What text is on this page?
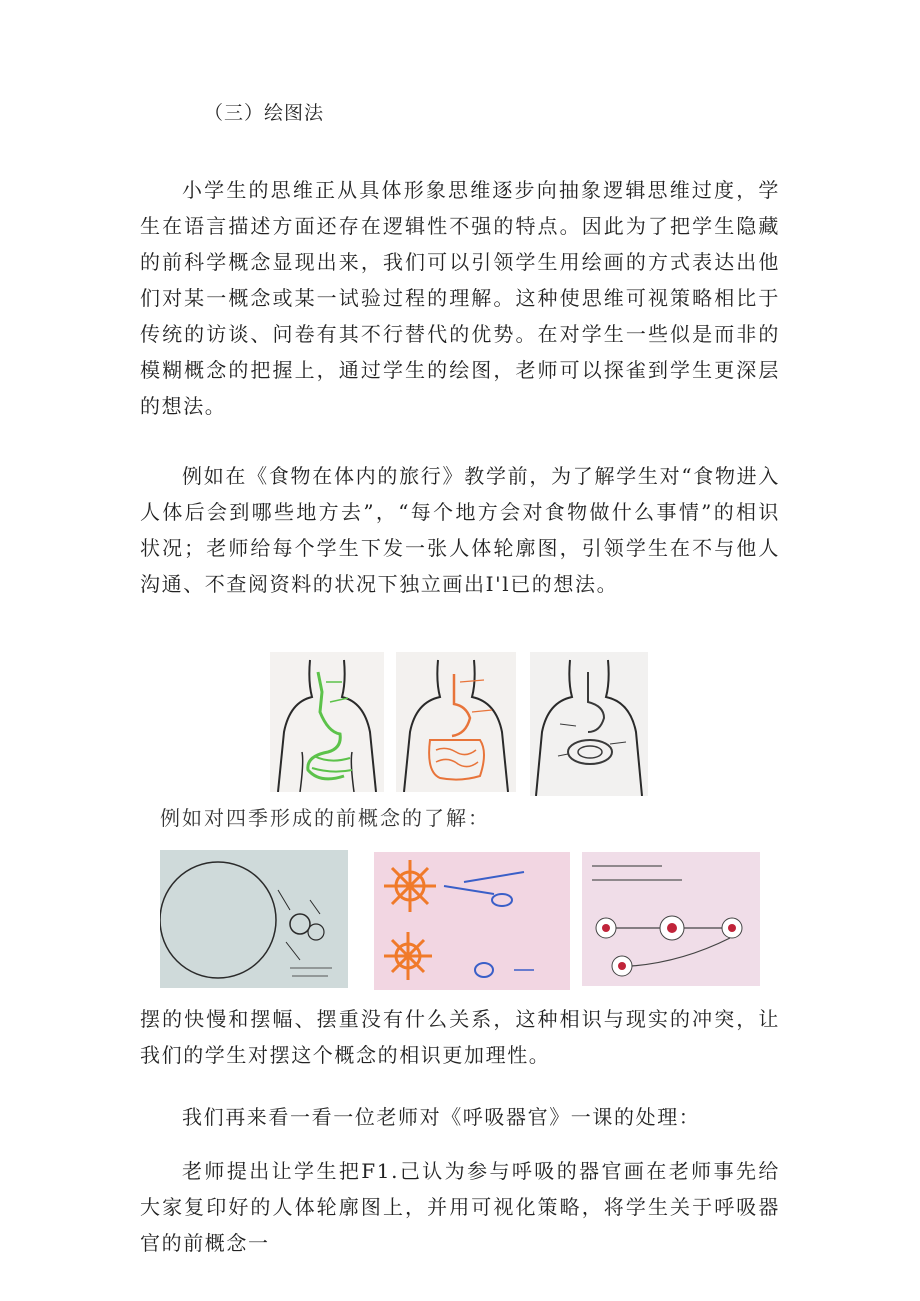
（三）绘图法

小学生的思维正从具体形象思维逐步向抽象逻辑思维过度，学生在语言描述方面还存在逻辑性不强的特点。因此为了把学生隐藏的前科学概念显现出来，我们可以引领学生用绘画的方式表达出他们对某一概念或某一试验过程的理解。这种使思维可视策略相比于传统的访谈、问卷有其不行替代的优势。在对学生一些似是而非的模糊概念的把握上，通过学生的绘图，老师可以探雀到学生更深层的想法。

例如在《食物在体内的旅行》教学前，为了解学生对“食物进入人体后会到哪些地方去”，“每个地方会对食物做什么事情”的相识状况；老师给每个学生下发一张人体轮廓图，引领学生在不与他人沟通、不查阅资料的状况下独立画出I'l已的想法。

例如对四季形成的前概念的了解：

摆的快慢和摆幅、摆重没有什么关系，这种相识与现实的冲突，让我们的学生对摆这个概念的相识更加理性。

我们再来看一看一位老师对《呼吸器官》一课的处理：

老师提出让学生把F1.己认为参与呼吸的器官画在老师事先给大家复印好的人体轮廓图上，并用可视化策略，将学生关于呼吸器官的前概念一
